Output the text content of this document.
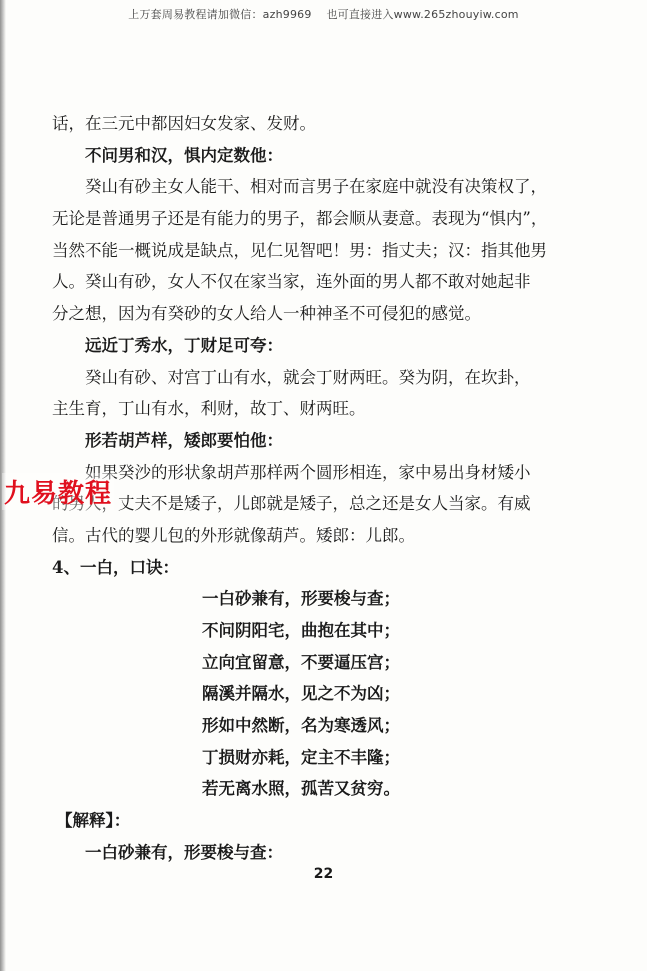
上万套周易教程请加微信：azh9969　 也可直接进入www.265zhouyiw.com
话，在三元中都因妇女发家、发财。
不问男和汉，惧内定数他：
癸山有砂主女人能干、相对而言男子在家庭中就没有决策权了，
无论是普通男子还是有能力的男子，都会顺从妻意。表现为“惧内”，
当然不能一概说成是缺点，见仁见智吧！男：指丈夫；汉：指其他男
人。癸山有砂，女人不仅在家当家，连外面的男人都不敢对她起非
分之想，因为有癸砂的女人给人一种神圣不可侵犯的感觉。
远近丁秀水，丁财足可夸：
癸山有砂、对宫丁山有水，就会丁财两旺。癸为阴，在坎卦，
主生育，丁山有水，利财，故丁、财两旺。
形若胡芦样，矮郎要怕他：
如果癸沙的形状象胡芦那样两个圆形相连，家中易出身材矮小
的男人，丈夫不是矮子，儿郎就是矮子，总之还是女人当家。有威
信。古代的婴儿包的外形就像葫芦。矮郎：儿郎。
4、一白，口诀：
一白砂兼有，形要梭与查；
不问阴阳宅，曲抱在其中；
立向宜留意，不要逼压宫；
隔溪并隔水，见之不为凶；
形如中然断，名为寒透风；
丁损财亦耗，定主不丰隆；
若无离水照，孤苦又贫穷。
【解释】：
一白砂兼有，形要梭与查：
22
九易教程
